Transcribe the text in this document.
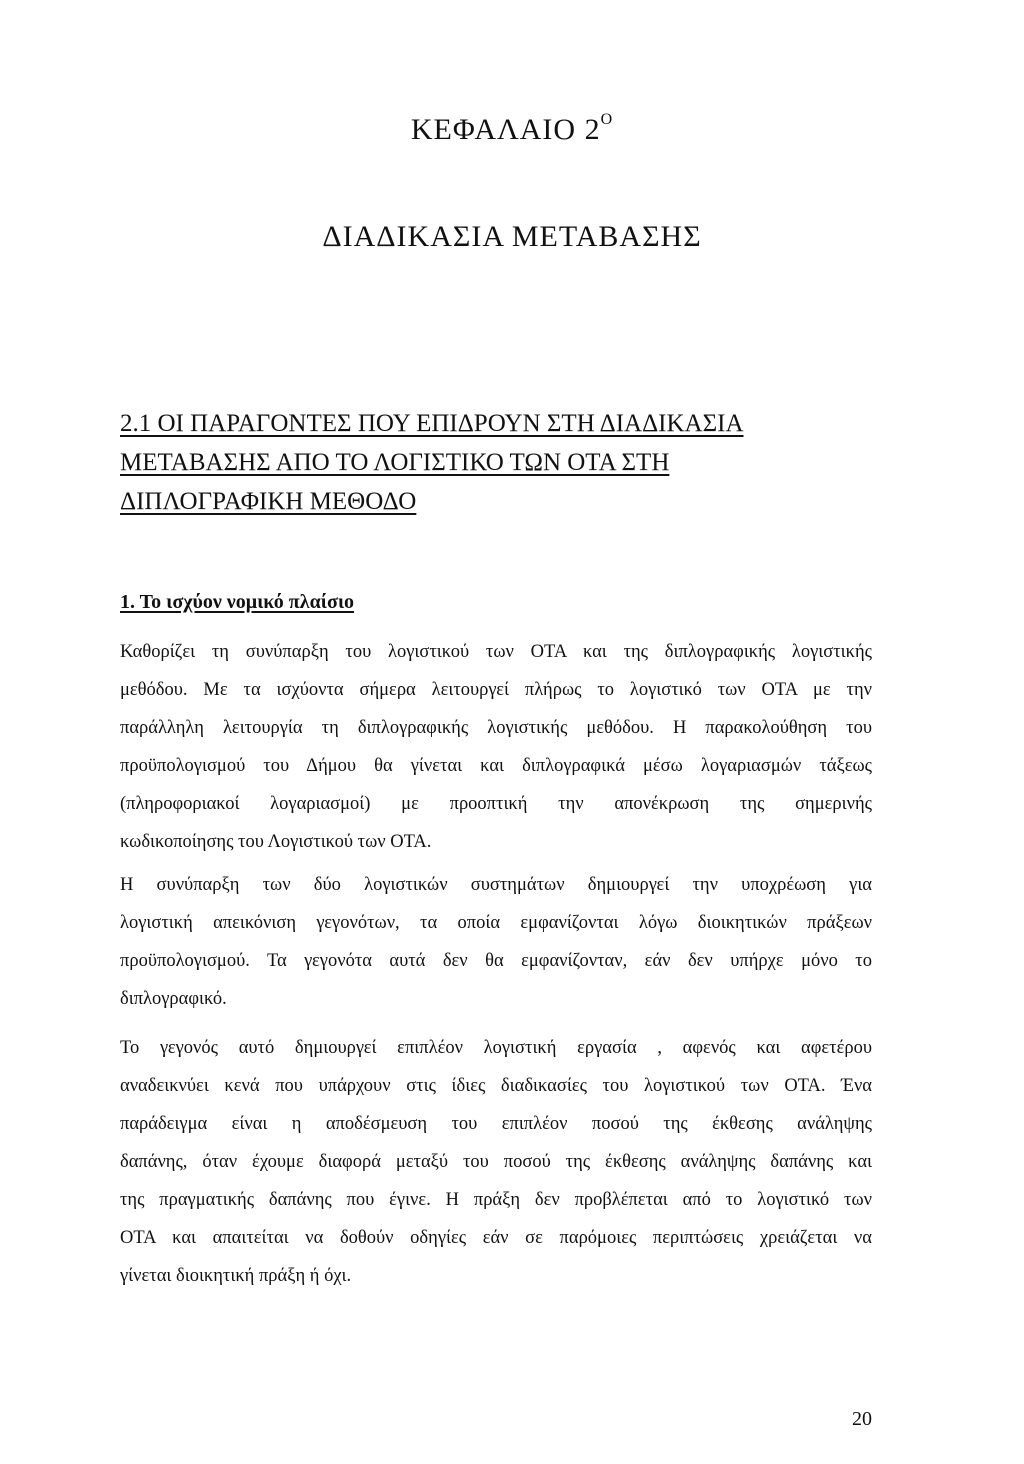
ΚΕΦΑΛΑΙΟ $2^O$
ΔΙΑΔΙΚΑΣΙΑ ΜΕΤΑΒΑΣΗΣ
2.1 ΟΙ ΠΑΡΑΓΟΝΤΕΣ ΠΟΥ ΕΠΙΔΡΟΥΝ ΣΤΗ ΔΙΑΔΙΚΑΣΙΑ
ΜΕΤΑΒΑΣΗΣ ΑΠΟ ΤΟ ΛΟΓΙΣΤΙΚΟ ΤΩΝ ΟΤΑ ΣΤΗ
ΔΙΠΛΟΓΡΑΦΙΚΗ ΜΕΘΟΔΟ
1. Το ισχύον νομικό πλαίσιο

Καθορίζει τη συνύπαρξη του λογιστικού των ΟΤΑ και της διπλογραφικής λογιστικής
μεθόδου. Με τα ισχύοντα σήμερα λειτουργεί πλήρως το λογιστικό των ΟΤΑ με την
παράλληλη λειτουργία τη διπλογραφικής λογιστικής μεθόδου. Η παρακολούθηση του
προϋπολογισμού του Δήμου θα γίνεται και διπλογραφικά μέσω λογαριασμών τάξεως
(πληροφοριακοί λογαριασμοί) με προοπτική την απονέκρωση της σημερινής
κωδικοποίησης του Λογιστικού των ΟΤΑ.

Η συνύπαρξη των δύο λογιστικών συστημάτων δημιουργεί την υποχρέωση για
λογιστική απεικόνιση γεγονότων, τα οποία εμφανίζονται λόγω διοικητικών πράξεων
προϋπολογισμού. Τα γεγονότα αυτά δεν θα εμφανίζονταν, εάν δεν υπήρχε μόνο το
διπλογραφικό.

Το γεγονός αυτό δημιουργεί επιπλέον λογιστική εργασία , αφενός και αφετέρου
αναδεικνύει κενά που υπάρχουν στις ίδιες διαδικασίες του λογιστικού των ΟΤΑ. Ένα
παράδειγμα είναι η αποδέσμευση του επιπλέον ποσού της έκθεσης ανάληψης
δαπάνης, όταν έχουμε διαφορά μεταξύ του ποσού της έκθεσης ανάληψης δαπάνης και
της πραγματικής δαπάνης που έγινε. Η πράξη δεν προβλέπεται από το λογιστικό των
ΟΤΑ και απαιτείται να δοθούν οδηγίες εάν σε παρόμοιες περιπτώσεις χρειάζεται να
γίνεται διοικητική πράξη ή όχι.

20
